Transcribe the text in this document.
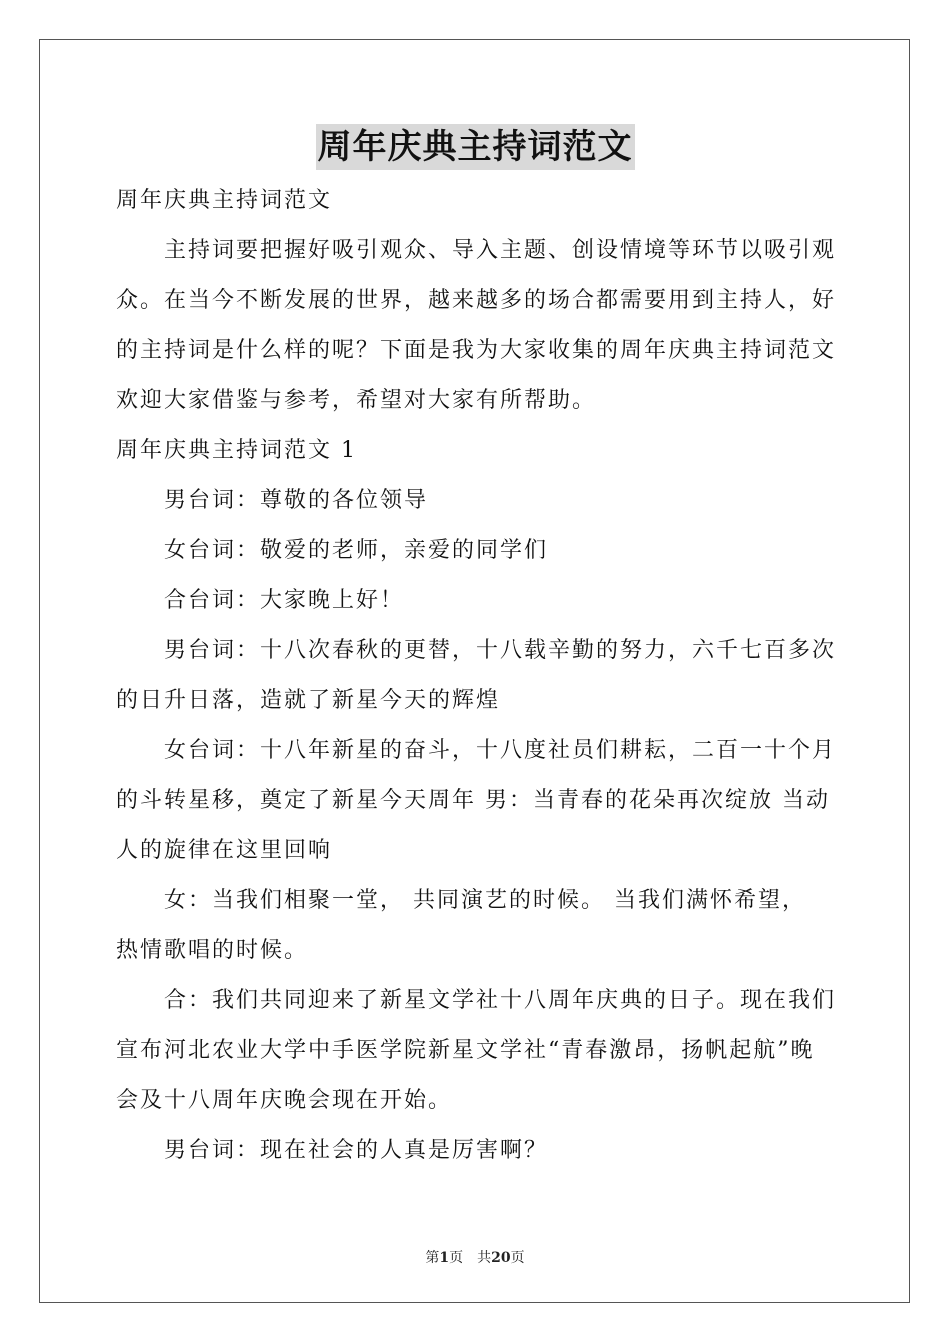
周年庆典主持词范文
周年庆典主持词范文
　　主持词要把握好吸引观众、导入主题、创设情境等环节以吸引观
众。在当今不断发展的世界，越来越多的场合都需要用到主持人，好
的主持词是什么样的呢？下面是我为大家收集的周年庆典主持词范文
欢迎大家借鉴与参考，希望对大家有所帮助。
周年庆典主持词范文 1
　　男台词：尊敬的各位领导
　　女台词：敬爱的老师，亲爱的同学们
　　合台词：大家晚上好！
　　男台词：十八次春秋的更替，十八载辛勤的努力，六千七百多次
的日升日落，造就了新星今天的辉煌
　　女台词：十八年新星的奋斗，十八度社员们耕耘，二百一十个月
的斗转星移，奠定了新星今天周年 男：当青春的花朵再次绽放 当动
人的旋律在这里回响
　　女：当我们相聚一堂， 共同演艺的时候。 当我们满怀希望，
热情歌唱的时候。
　　合：我们共同迎来了新星文学社十八周年庆典的日子。现在我们
宣布河北农业大学中手医学院新星文学社“青春激昂，扬帆起航”晚
会及十八周年庆晚会现在开始。
　　男台词：现在社会的人真是厉害啊？
第1页　共20页
